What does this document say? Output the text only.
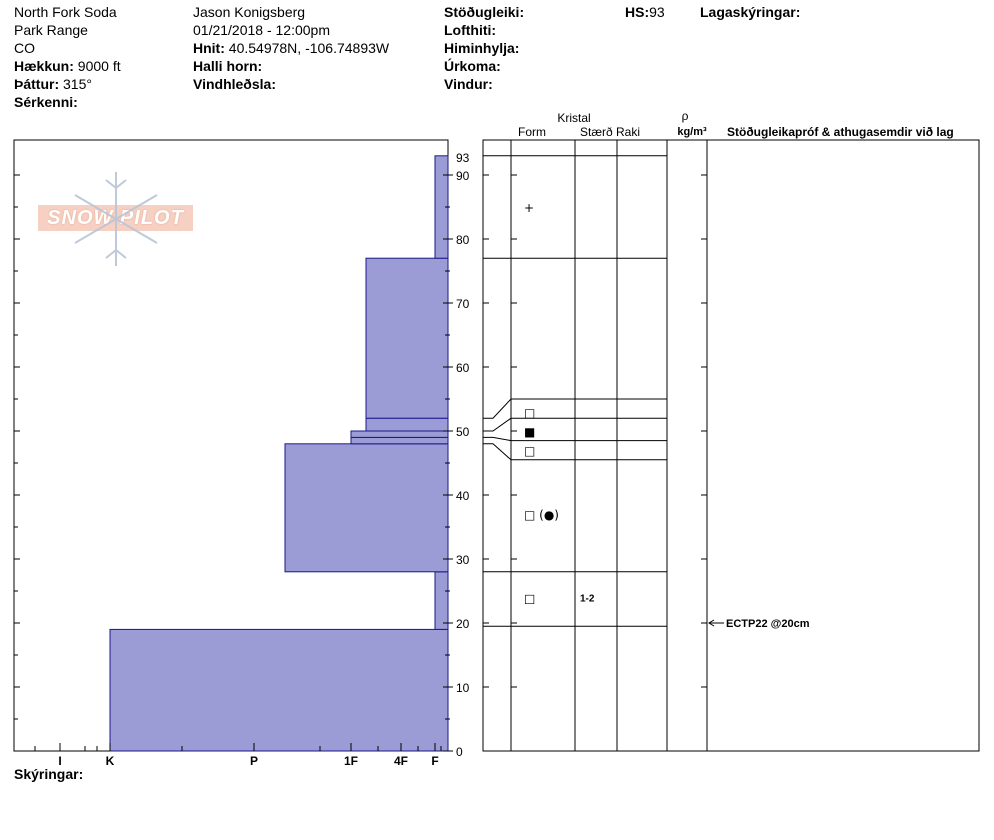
North Fork Soda
Park Range
CO
Hækkun: 9000 ft
Þáttur: 315°
Sérkenni:
Jason Konigsberg
01/21/2018 - 12:00pm
Hnit: 40.54978N, -106.74893W
Halli horn:
Vindhleðsla:
Stöðugleiki:
Lofthiti:
Himinhylja:
Úrkoma:
Vindur:
HS:93	Lagaskýringar:
SNOW PILOT
0
10
20
30
40
50
60
70
80
90
93
I	K	P	1F	4F F
+
□
■
□
□ (●)
□	1-2
ECTP22 @20cm
Kristal
Form	Stærð Raki
ρ
kg/m³ Stöðugleikapróf & athugasemdir við lag
Skýringar:
